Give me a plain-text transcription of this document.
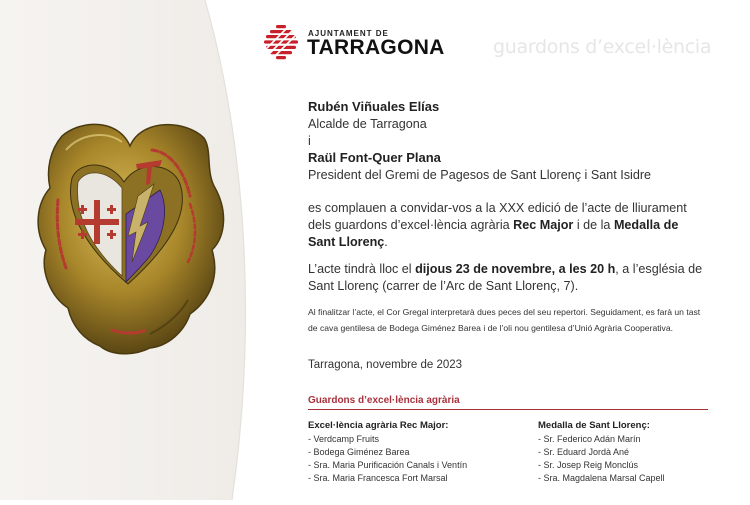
AJUNTAMENT DE
TARRAGONA	guardons d’excel·lència
Rubén Viñuales Elías
Alcalde de Tarragona
i
Raül Font-Quer Plana
President del Gremi de Pagesos de Sant Llorenç i Sant Isidre
es complauen a convidar-vos a la XXX edició de l’acte de lliurament
dels guardons d’excel·lència agrària Rec Major i de la Medalla de
Sant Llorenç.
L’acte tindrà lloc el dijous 23 de novembre, a les 20 h, a l’església de
Sant Llorenç (carrer de l’Arc de Sant Llorenç, 7).
Al finalitzar l’acte, el Cor Gregal interpretarà dues peces del seu repertori. Seguidament, es farà un tast
de cava gentilesa de Bodega Giménez Barea i de l’oli nou gentilesa d’Unió Agrària Cooperativa.
Tarragona, novembre de 2023
Guardons d’excel·lència agrària
Excel·lència agrària Rec Major:
- Verdcamp Fruits
- Bodega Giménez Barea
- Sra. Maria Purificación Canals i Ventín
- Sra. Maria Francesca Fort Marsal
Medalla de Sant Llorenç:
- Sr. Federico Adán Marín
- Sr. Eduard Jordà Ané
- Sr. Josep Reig Monclús
- Sra. Magdalena Marsal Capell
